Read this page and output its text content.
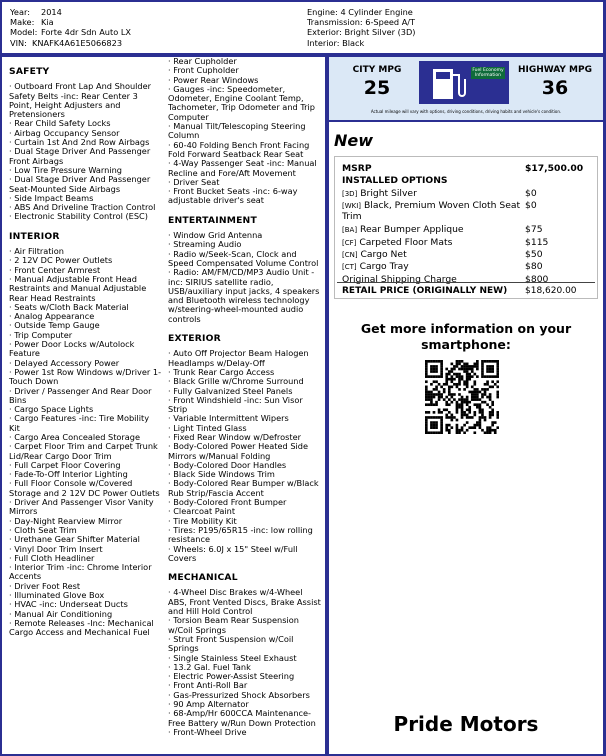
Year: 2014
Make: Kia
Model: Forte 4dr Sdn Auto LX
VIN: KNAFK4A61E5066823
Engine: 4 Cylinder Engine
Transmission: 6-Speed A/T
Exterior: Bright Silver (3D)
Interior: Black
SAFETY
· Outboard Front Lap And Shoulder Safety Belts -inc: Rear Center 3 Point, Height Adjusters and Pretensioners
· Rear Child Safety Locks
· Airbag Occupancy Sensor
· Curtain 1st And 2nd Row Airbags
· Dual Stage Driver And Passenger Front Airbags
· Low Tire Pressure Warning
· Dual Stage Driver And Passenger Seat-Mounted Side Airbags
· Side Impact Beams
· ABS And Driveline Traction Control
· Electronic Stability Control (ESC)
INTERIOR
· Air Filtration
· 2 12V DC Power Outlets
· Front Center Armrest
· Manual Adjustable Front Head Restraints and Manual Adjustable Rear Head Restraints
· Seats w/Cloth Back Material
· Analog Appearance
· Outside Temp Gauge
· Trip Computer
· Power Door Locks w/Autolock Feature
· Delayed Accessory Power
· Power 1st Row Windows w/Driver 1-Touch Down
· Driver / Passenger And Rear Door Bins
· Cargo Space Lights
· Cargo Features -inc: Tire Mobility Kit
· Cargo Area Concealed Storage
· Carpet Floor Trim and Carpet Trunk Lid/Rear Cargo Door Trim
· Full Carpet Floor Covering
· Fade-To-Off Interior Lighting
· Full Floor Console w/Covered Storage and 2 12V DC Power Outlets
· Driver And Passenger Visor Vanity Mirrors
· Day-Night Rearview Mirror
· Cloth Seat Trim
· Urethane Gear Shifter Material
· Vinyl Door Trim Insert
· Full Cloth Headliner
· Interior Trim -inc: Chrome Interior Accents
· Driver Foot Rest
· Illuminated Glove Box
· HVAC -inc: Underseat Ducts
· Manual Air Conditioning
· Remote Releases -Inc: Mechanical Cargo Access and Mechanical Fuel
· Rear Cupholder
· Front Cupholder
· Power Rear Windows
· Gauges -inc: Speedometer, Odometer, Engine Coolant Temp, Tachometer, Trip Odometer and Trip Computer
· Manual Tilt/Telescoping Steering Column
· 60-40 Folding Bench Front Facing Fold Forward Seatback Rear Seat
· 4-Way Passenger Seat -inc: Manual Recline and Fore/Aft Movement
· Driver Seat
· Front Bucket Seats -inc: 6-way adjustable driver's seat
ENTERTAINMENT
· Window Grid Antenna
· Streaming Audio
· Radio w/Seek-Scan, Clock and Speed Compensated Volume Control
· Radio: AM/FM/CD/MP3 Audio Unit -inc: SIRIUS satellite radio, USB/auxiliary input jacks, 4 speakers and Bluetooth wireless technology w/steering-wheel-mounted audio controls
EXTERIOR
· Auto Off Projector Beam Halogen Headlamps w/Delay-Off
· Trunk Rear Cargo Access
· Black Grille w/Chrome Surround
· Fully Galvanized Steel Panels
· Front Windshield -inc: Sun Visor Strip
· Variable Intermittent Wipers
· Light Tinted Glass
· Fixed Rear Window w/Defroster
· Body-Colored Power Heated Side Mirrors w/Manual Folding
· Body-Colored Door Handles
· Black Side Windows Trim
· Body-Colored Rear Bumper w/Black Rub Strip/Fascia Accent
· Body-Colored Front Bumper
· Clearcoat Paint
· Tire Mobility Kit
· Tires: P195/65R15 -inc: low rolling resistance
· Wheels: 6.0J x 15" Steel w/Full Covers
MECHANICAL
· 4-Wheel Disc Brakes w/4-Wheel ABS, Front Vented Discs, Brake Assist and Hill Hold Control
· Torsion Beam Rear Suspension w/Coil Springs
· Strut Front Suspension w/Coil Springs
· Single Stainless Steel Exhaust
· 13.2 Gal. Fuel Tank
· Electric Power-Assist Steering
· Front Anti-Roll Bar
· Gas-Pressurized Shock Absorbers
· 90 Amp Alternator
· 68-Amp/Hr 600CCA Maintenance-Free Battery w/Run Down Protection
· Front-Wheel Drive
CITY MPG
25
Fuel Economy Information
HIGHWAY MPG
36
Actual mileage will vary with options, driving conditions, driving habits and vehicle's condition.
New
MSRP	$17,500.00
INSTALLED OPTIONS
[3D] Bright Silver	$0
[WKI] Black, Premium Woven Cloth Seat Trim
$0
[BA] Rear Bumper Applique	$75
[CF] Carpeted Floor Mats	$115
[CN] Cargo Net	$50
[CT] Cargo Tray	$80
Original Shipping Charge	$800
RETAIL PRICE (ORIGINALLY NEW) $18,620.00
Get more information on your smartphone:
Pride Motors
